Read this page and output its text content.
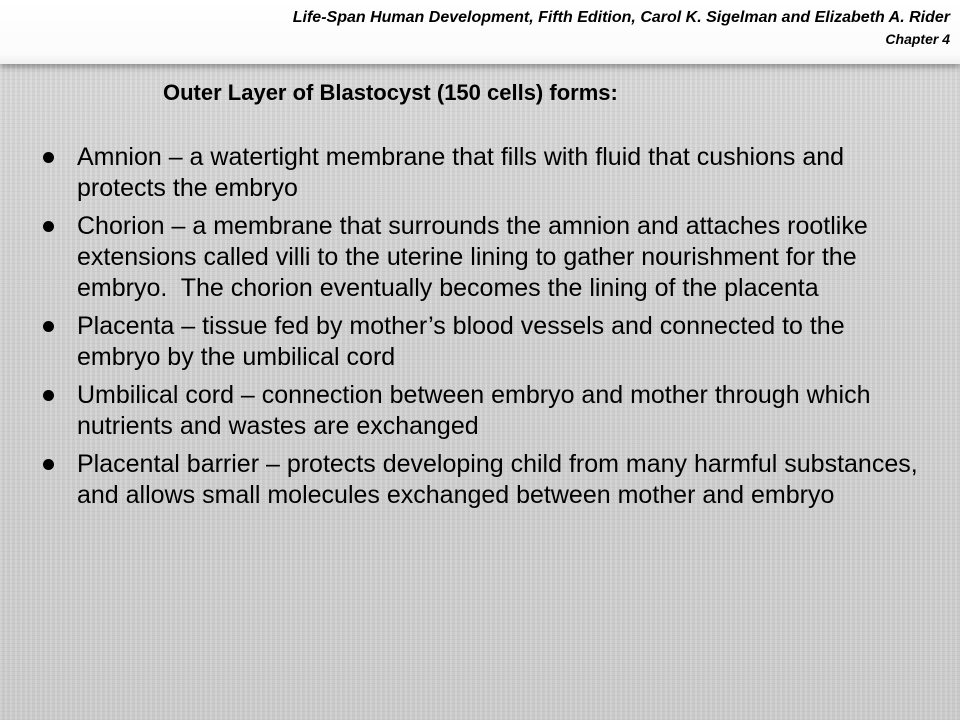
Life-Span Human Development, Fifth Edition, Carol K. Sigelman and Elizabeth A. Rider
Chapter 4
Outer Layer of Blastocyst (150 cells) forms:
Amnion – a watertight membrane that fills with fluid that cushions and protects the embryo
Chorion – a membrane that surrounds the amnion and attaches rootlike extensions called villi to the uterine lining to gather nourishment for the embryo.  The chorion eventually becomes the lining of the placenta
Placenta – tissue fed by mother’s blood vessels and connected to the embryo by the umbilical cord
Umbilical cord – connection between embryo and mother through which nutrients and wastes are exchanged
Placental barrier – protects developing child from many harmful substances, and allows small molecules exchanged between mother and embryo
